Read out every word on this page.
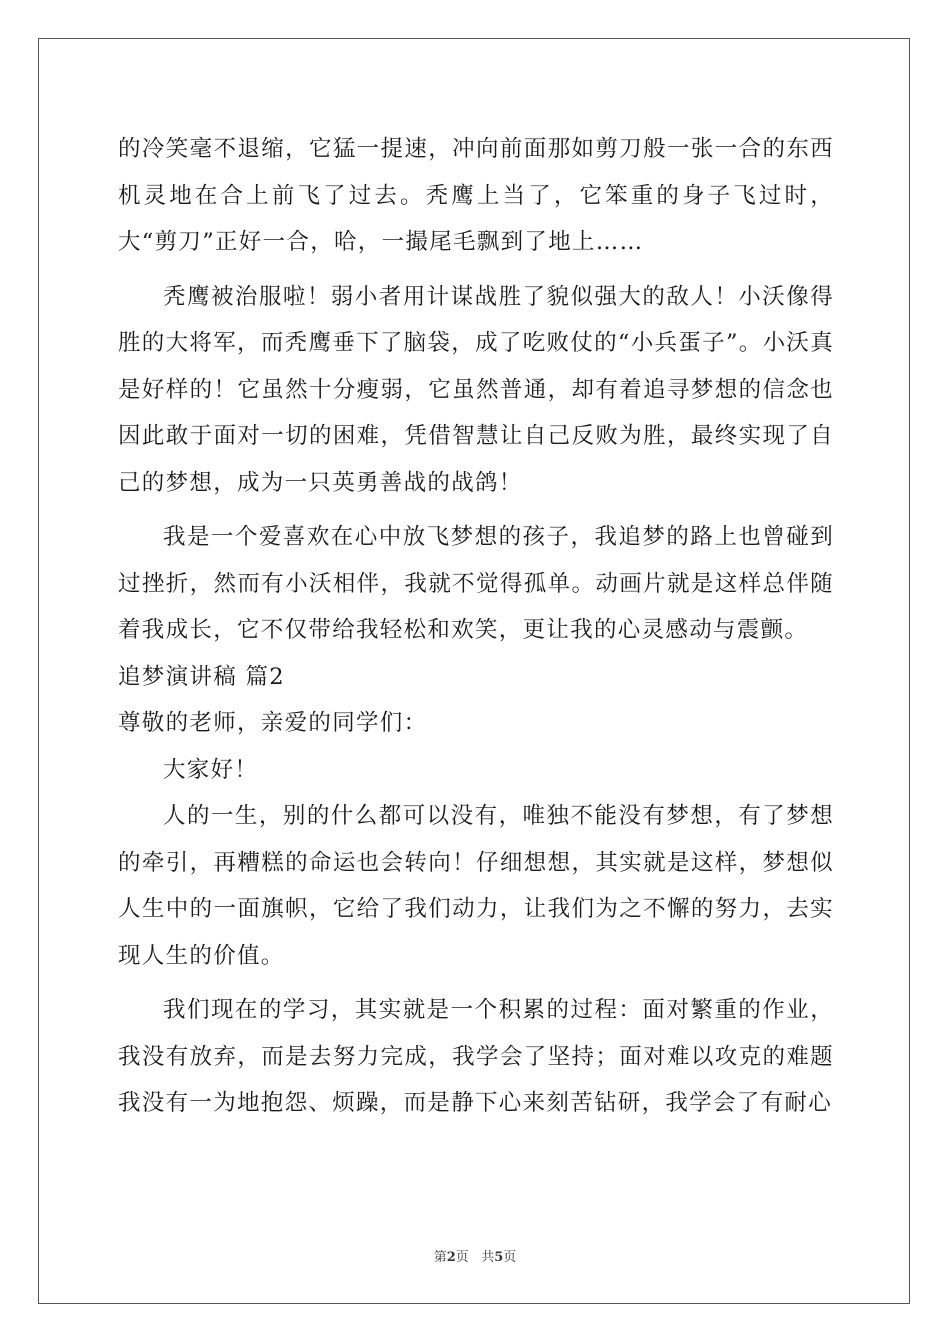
的冷笑毫不退缩，它猛一提速，冲向前面那如剪刀般一张一合的东西机灵地在合上前飞了过去。秃鹰上当了，它笨重的身子飞过时，大“剪刀”正好一合，哈，一撮尾毛飘到了地上……

秃鹰被治服啦！弱小者用计谋战胜了貌似强大的敌人！小沃像得胜的大将军，而秃鹰垂下了脑袋，成了吃败仗的“小兵蛋子”。小沃真是好样的！它虽然十分瘦弱，它虽然普通，却有着追寻梦想的信念也因此敢于面对一切的困难，凭借智慧让自己反败为胜，最终实现了自己的梦想，成为一只英勇善战的战鸽！

我是一个爱喜欢在心中放飞梦想的孩子，我追梦的路上也曾碰到过挫折，然而有小沃相伴，我就不觉得孤单。动画片就是这样总伴随着我成长，它不仅带给我轻松和欢笑，更让我的心灵感动与震颤。

追梦演讲稿 篇2

尊敬的老师，亲爱的同学们：

大家好！

人的一生，别的什么都可以没有，唯独不能没有梦想，有了梦想的牵引，再糟糕的命运也会转向！仔细想想，其实就是这样，梦想似人生中的一面旗帜，它给了我们动力，让我们为之不懈的努力，去实现人生的价值。

我们现在的学习，其实就是一个积累的过程：面对繁重的作业，我没有放弃，而是去努力完成，我学会了坚持；面对难以攻克的难题我没有一为地抱怨、烦躁，而是静下心来刻苦钻研，我学会了有耐心

第2页 共5页
